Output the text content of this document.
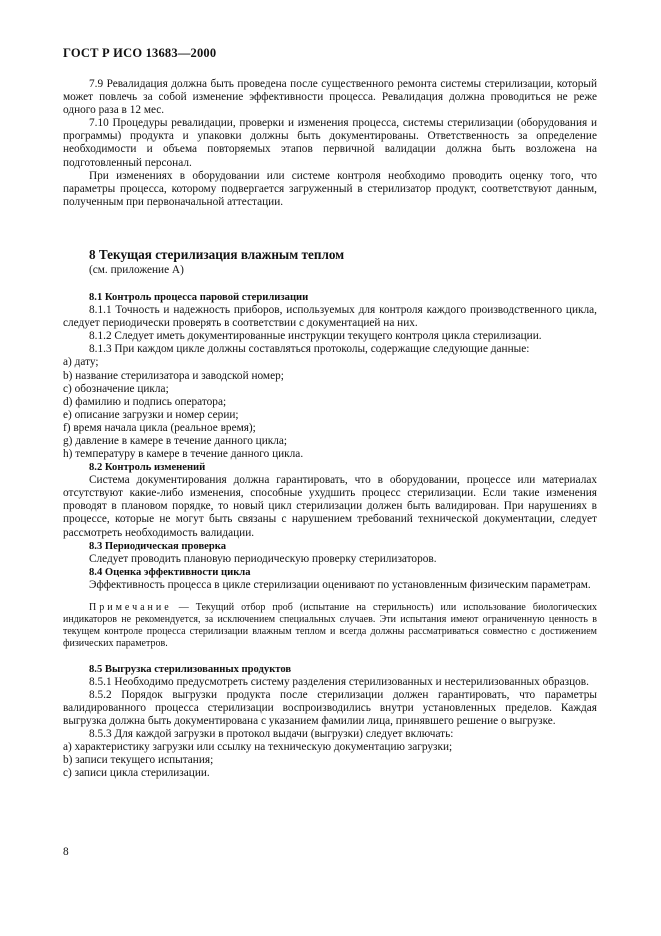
ГОСТ Р ИСО 13683—2000

7.9 Ревалидация должна быть проведена после существенного ремонта системы стерилизации, который может повлечь за собой изменение эффективности процесса. Ревалидация должна проводиться не реже одного раза в 12 мес.

7.10 Процедуры ревалидации, проверки и изменения процесса, системы стерилизации (оборудования и программы) продукта и упаковки должны быть документированы. Ответственность за определение необходимости и объема повторяемых этапов первичной валидации должна быть возложена на подготовленный персонал.

При изменениях в оборудовании или системе контроля необходимо проводить оценку того, что параметры процесса, которому подвергается загруженный в стерилизатор продукт, соответствуют данным, полученным при первоначальной аттестации.

8 Текущая стерилизация влажным теплом
(см. приложение А)
8.1 Контроль процесса паровой стерилизации

8.1.1 Точность и надежность приборов, используемых для контроля каждого производственного цикла, следует периодически проверять в соответствии с документацией на них.

8.1.2 Следует иметь документированные инструкции текущего контроля цикла стерилизации.

8.1.3 При каждом цикле должны составляться протоколы, содержащие следующие данные:

a) дату;

b) название стерилизатора и заводской номер;

c) обозначение цикла;

d) фамилию и подпись оператора;

e) описание загрузки и номер серии;

f) время начала цикла (реальное время);

g) давление в камере в течение данного цикла;

h) температуру в камере в течение данного цикла.

8.2 Контроль изменений

Система документирования должна гарантировать, что в оборудовании, процессе или материалах отсутствуют какие-либо изменения, способные ухудшить процесс стерилизации. Если такие изменения проводят в плановом порядке, то новый цикл стерилизации должен быть валидирован. При нарушениях в процессе, которые не могут быть связаны с нарушением требований технической документации, следует рассмотреть необходимость валидации.

8.3 Периодическая проверка

Следует проводить плановую периодическую проверку стерилизаторов.

8.4 Оценка эффективности цикла

Эффективность процесса в цикле стерилизации оценивают по установленным физическим параметрам.

Примечание — Текущий отбор проб (испытание на стерильность) или использование биологических индикаторов не рекомендуется, за исключением специальных случаев. Эти испытания имеют ограниченную ценность в текущем контроле процесса стерилизации влажным теплом и всегда должны рассматриваться совместно с достижением физических параметров.

8.5 Выгрузка стерилизованных продуктов

8.5.1 Необходимо предусмотреть систему разделения стерилизованных и нестерилизованных образцов.

8.5.2 Порядок выгрузки продукта после стерилизации должен гарантировать, что параметры валидированного процесса стерилизации воспроизводились внутри установленных пределов. Каждая выгрузка должна быть документирована с указанием фамилии лица, принявшего решение о выгрузке.

8.5.3 Для каждой загрузки в протокол выдачи (выгрузки) следует включать:

a) характеристику загрузки или ссылку на техническую документацию загрузки;

b) записи текущего испытания;

c) записи цикла стерилизации.

8
